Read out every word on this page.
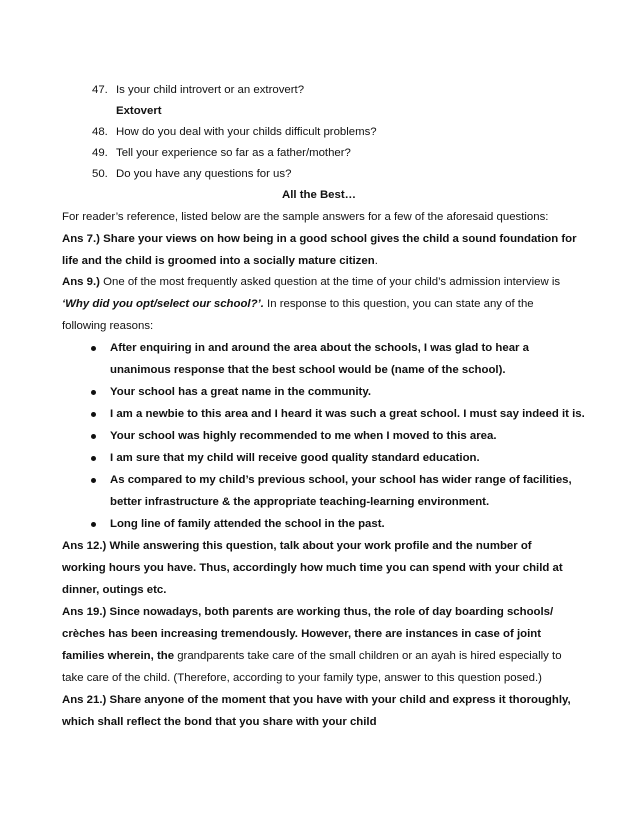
47. Is your child introvert or an extrovert?
Extovert
48. How do you deal with your childs difficult problems?
49. Tell your experience so far as a father/mother?
50. Do you have any questions for us?
All the Best…
For reader’s reference, listed below are the sample answers for a few of the aforesaid questions:
Ans 7.) Share your views on how being in a good school gives the child a sound foundation for
life and the child is groomed into a socially mature citizen.
Ans 9.) One of the most frequently asked question at the time of your child’s admission interview is
‘Why did you opt/select our school?’. In response to this question, you can state any of the
following reasons:
After enquiring in and around the area about the schools, I was glad to hear a
unanimous response that the best school would be (name of the school).
Your school has a great name in the community.
I am a newbie to this area and I heard it was such a great school. I must say indeed it is.
Your school was highly recommended to me when I moved to this area.
I am sure that my child will receive good quality standard education.
As compared to my child’s previous school, your school has wider range of facilities,
better infrastructure & the appropriate teaching-learning environment.
Long line of family attended the school in the past.
Ans 12.) While answering this question, talk about your work profile and the number of
working hours you have. Thus, accordingly how much time you can spend with your child at
dinner, outings etc.
Ans 19.) Since nowadays, both parents are working thus, the role of day boarding schools/
crèches has been increasing tremendously. However, there are instances in case of joint
families wherein, the grandparents take care of the small children or an ayah is hired especially to
take care of the child. (Therefore, according to your family type, answer to this question posed.)
Ans 21.) Share anyone of the moment that you have with your child and express it thoroughly,
which shall reflect the bond that you share with your child
